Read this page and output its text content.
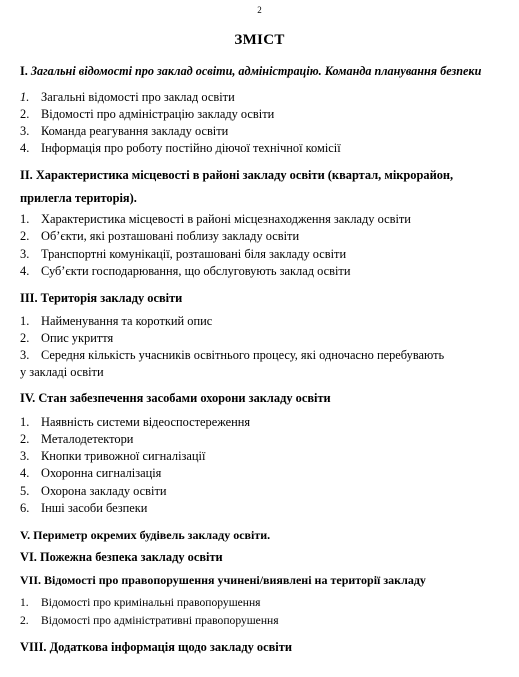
2
ЗМІСТ
I. Загальні відомості про заклад освіти, адміністрацію. Команда планування безпеки
1. Загальні відомості про заклад освіти
2. Відомості про адміністрацію закладу освіти
3. Команда реагування закладу освіти
4. Інформація про роботу постійно діючої технічної комісії
II. Характеристика місцевості в районі закладу освіти (квартал, мікрорайон, прилегла територія).
1. Характеристика місцевості в районі місцезнаходження закладу освіти
2. Об’єкти, які розташовані поблизу закладу освіти
3. Транспортні комунікації, розташовані біля закладу освіти
4. Суб’єкти господарювання, що обслуговують заклад освіти
III. Територія закладу освіти
1. Найменування та короткий опис
2. Опис укриття
3. Середня кількість учасників освітнього процесу, які одночасно перебувають
у закладі освіти
IV. Стан забезпечення засобами охорони закладу освіти
1. Наявність системи відеоспостереження
2. Металодетектори
3. Кнопки тривожної сигналізації
4. Охоронна сигналізація
5. Охорона закладу освіти
6. Інші засоби безпеки
V. Периметр окремих будівель закладу освіти.
VI. Пожежна безпека закладу освіти
VII. Відомості про правопорушення учинені/виявлені на території закладу
1. Відомості про кримінальні правопорушення
2. Відомості про адміністративні правопорушення
VIII. Додаткова інформація щодо закладу освіти
